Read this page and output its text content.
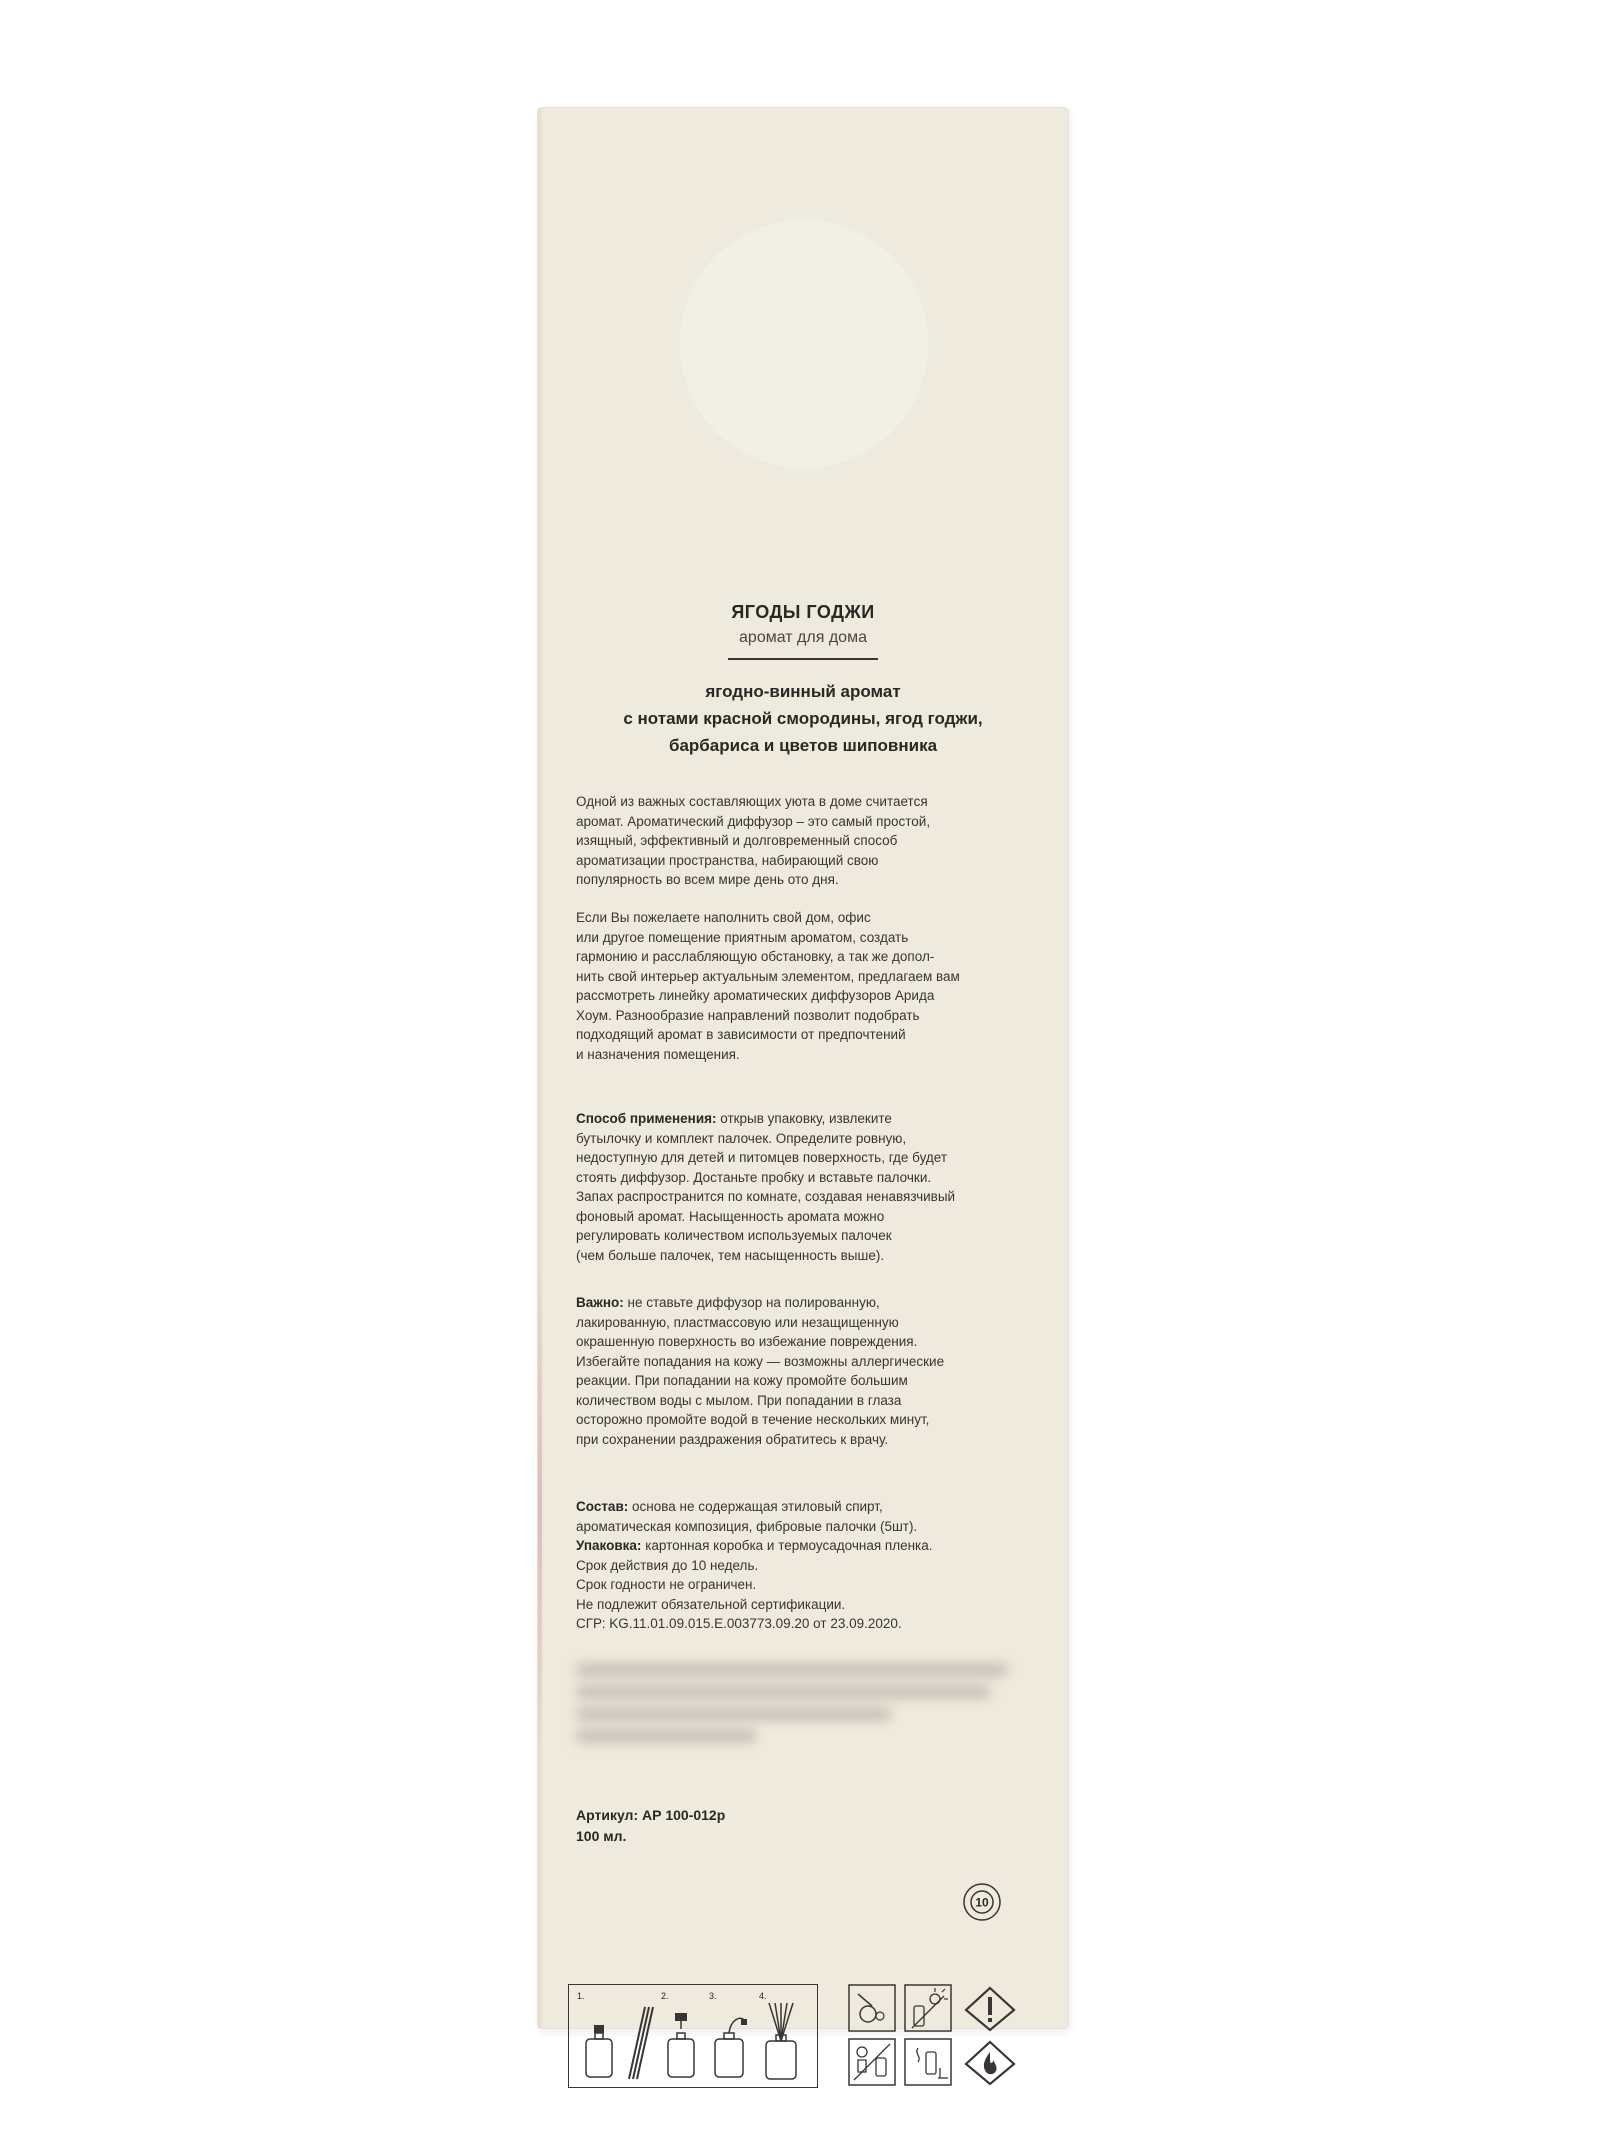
ЯГОДЫ ГОДЖИ
аромат для дома
ягодно-винный аромат
с нотами красной смородины, ягод годжи,
барбариса и цветов шиповника
Одной из важных составляющих уюта в доме считается
аромат. Ароматический диффузор – это самый простой,
изящный, эффективный и долговременный способ
ароматизации пространства, набирающий свою
популярность во всем мире день ото дня.
Если Вы пожелаете наполнить свой дом, офис
или другое помещение приятным ароматом, создать
гармонию и расслабляющую обстановку, а так же допол-
нить свой интерьер актуальным элементом, предлагаем вам
рассмотреть линейку ароматических диффузоров Арида
Хоум. Разнообразие направлений позволит подобрать
подходящий аромат в зависимости от предпочтений
и назначения помещения.
Способ применения: открыв упаковку, извлеките
бутылочку и комплект палочек. Определите ровную,
недоступную для детей и питомцев поверхность, где будет
стоять диффузор. Достаньте пробку и вставьте палочки.
Запах распространится по комнате, создавая ненавязчивый
фоновый аромат. Насыщенность аромата можно
регулировать количеством используемых палочек
(чем больше палочек, тем насыщенность выше).
Важно: не ставьте диффузор на полированную,
лакированную, пластмассовую или незащищенную
окрашенную поверхность во избежание повреждения.
Избегайте попадания на кожу — возможны аллергические
реакции. При попадании на кожу промойте большим
количеством воды с мылом. При попадании в глаза
осторожно промойте водой в течение нескольких минут,
при сохранении раздражения обратитесь к врачу.
Состав: основа не содержащая этиловый спирт,
ароматическая композиция, фибровые палочки (5шт).
Упаковка: картонная коробка и термоусадочная пленка.
Срок действия до 10 недель.
Срок годности не ограничен.
Не подлежит обязательной сертификации.
СГР: KG.11.01.09.015.Е.003773.09.20 от 23.09.2020.
Артикул: АР 100-012р
100 мл.
10
1.	2.	3.	4.
